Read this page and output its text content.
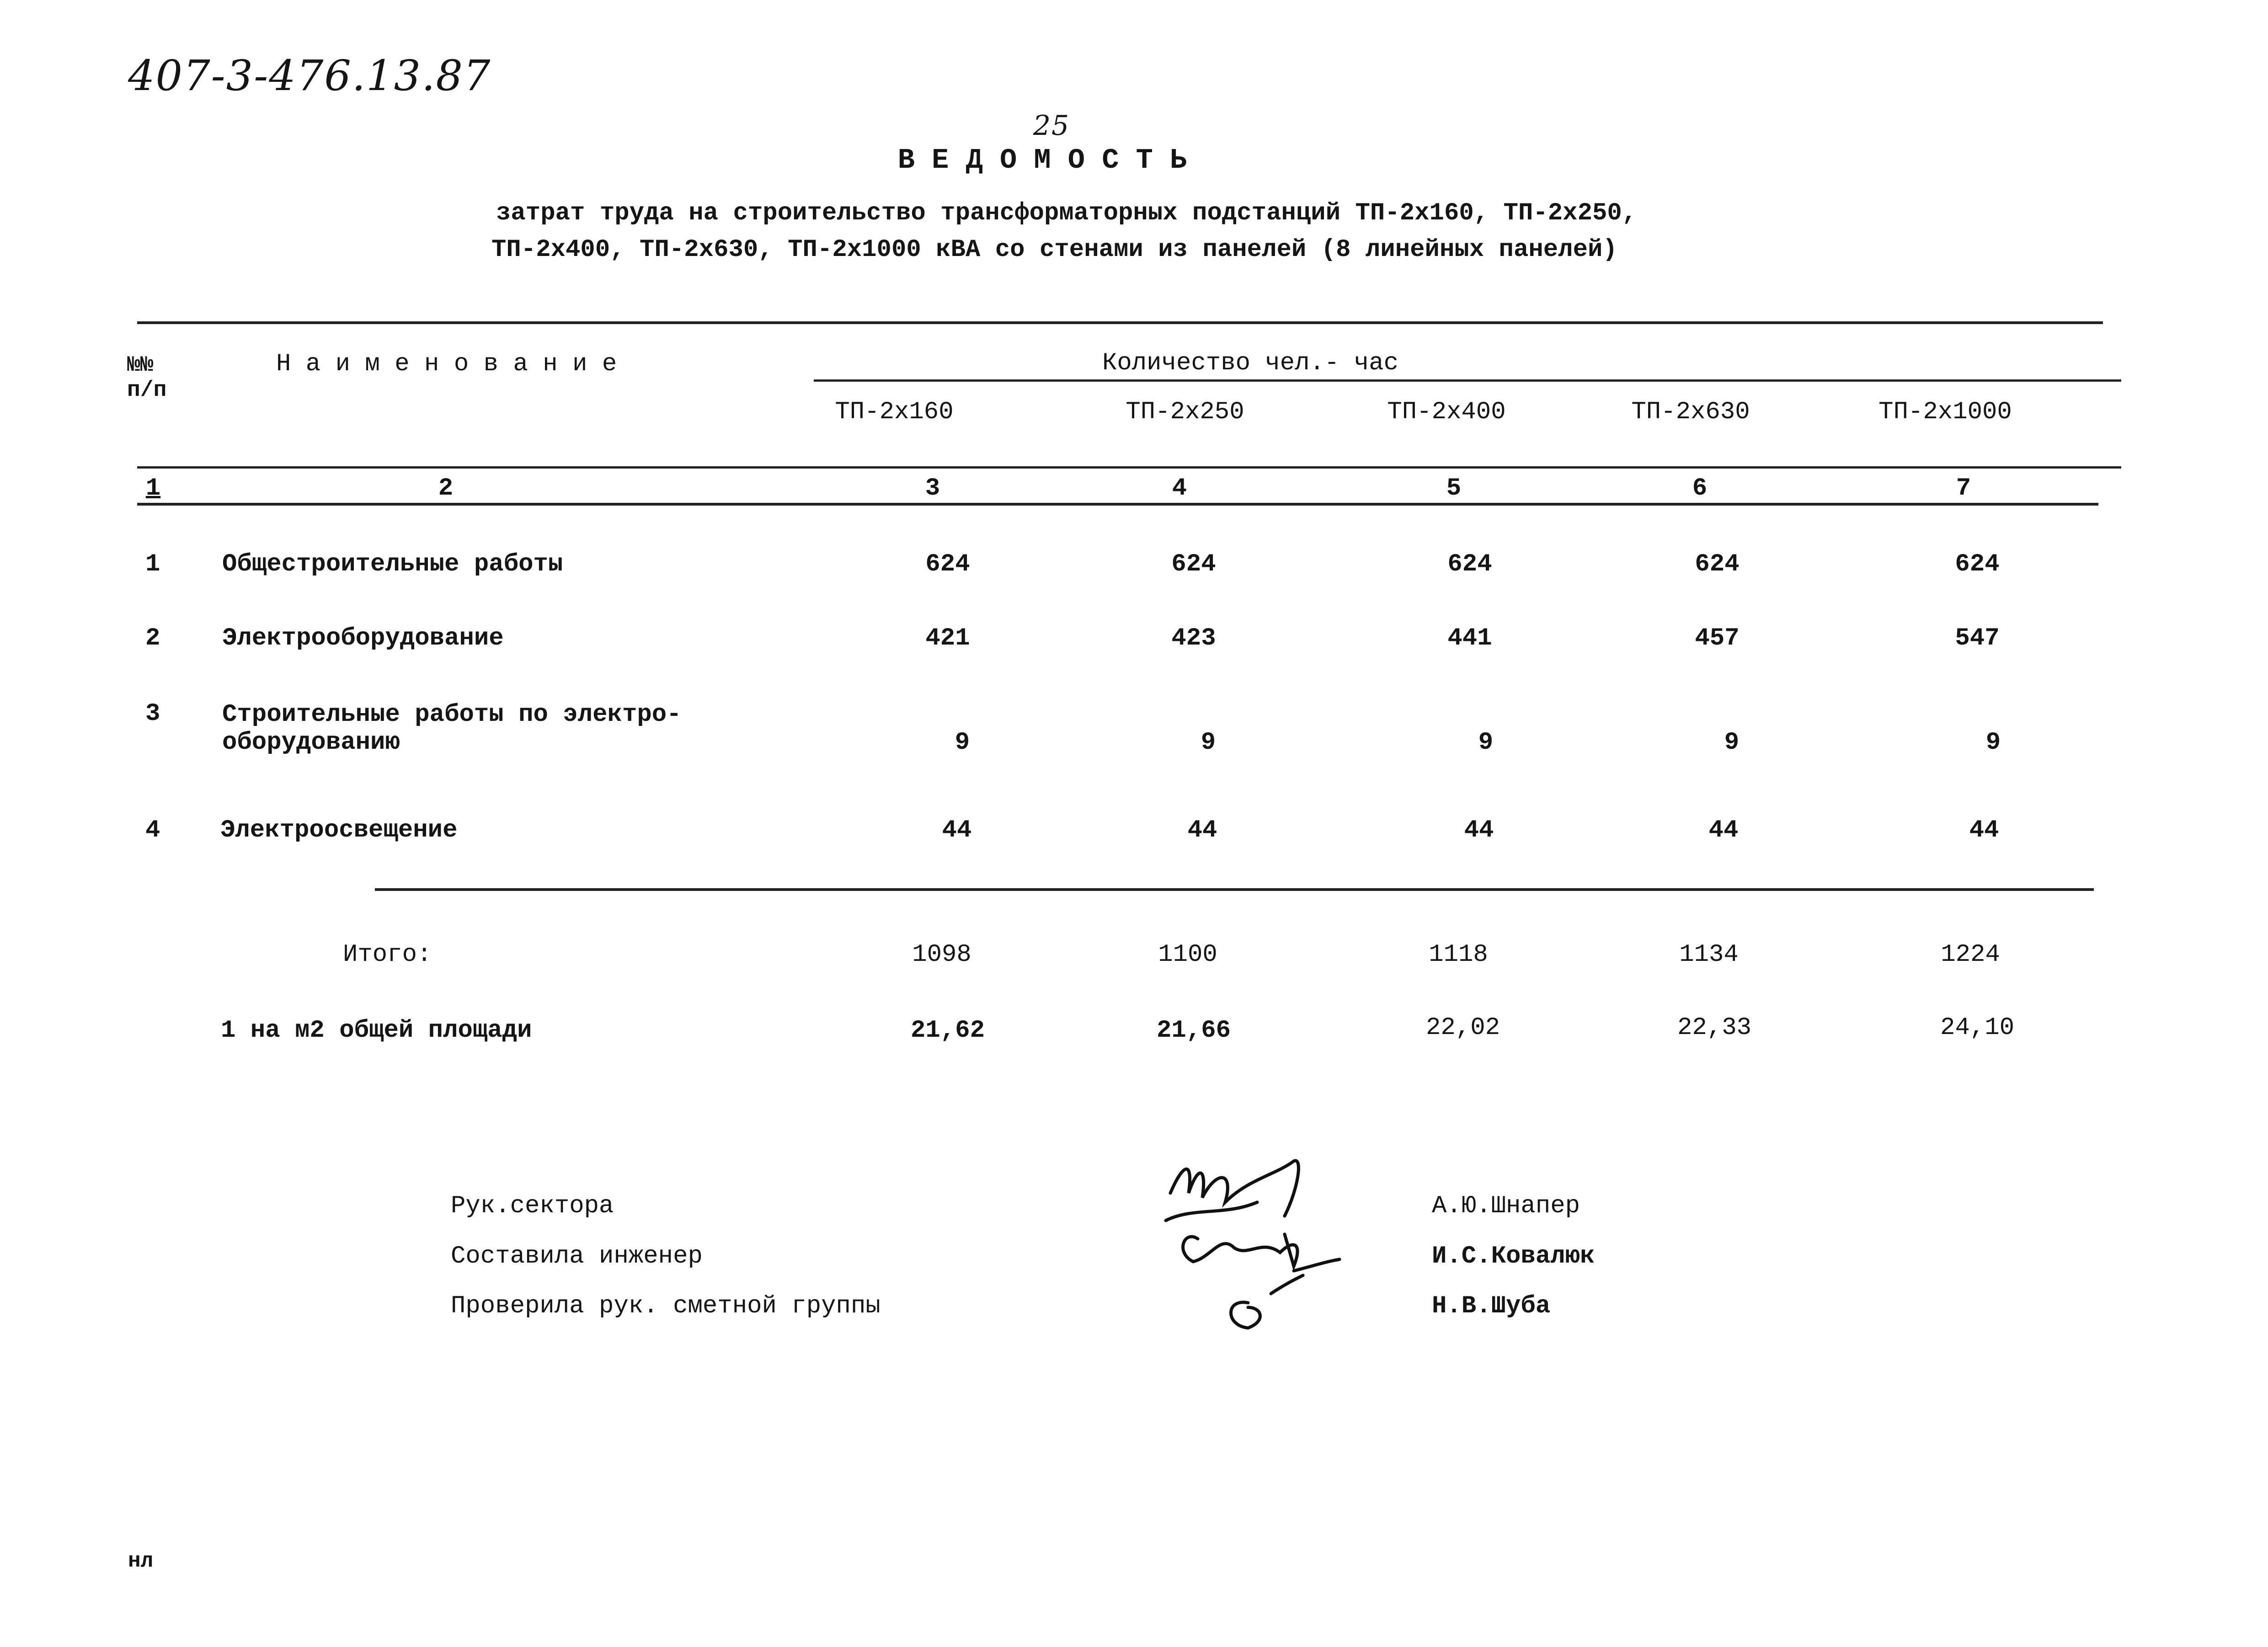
407-3-476.13.87
25
В Е Д О М О С Т Ь
затрат труда на строительство трансформаторных подстанций ТП-2х160, ТП-2х250,
ТП-2х400, ТП-2х630, ТП-2х1000 кВА со стенами из панелей (8 линейных панелей)
№№
п/п
Н а и м е н о в а н и е	Количество чел.- час
ТП-2х160	ТП-2х250	ТП-2х400	ТП-2х630	ТП-2х1000
1	2	3	4	5	6	7
1	Общестроительные работы	624	624	624	624	624
2	Электрооборудование	421	423	441	457	547
3	Строительные работы по электро-
оборудованию	9	9	9	9	9
4 Электроосвещение	44	44	44	44	44
Итого:	1098	1100	1118	1134	1224
1 на м2 общей площади	21,62	21,66	22,02	22,33	24,10
Рук.сектора
Составила инженер
Проверила рук. сметной группы
А.Ю.Шнапер
И.С.Ковалюк
Н.В.Шуба
нл
